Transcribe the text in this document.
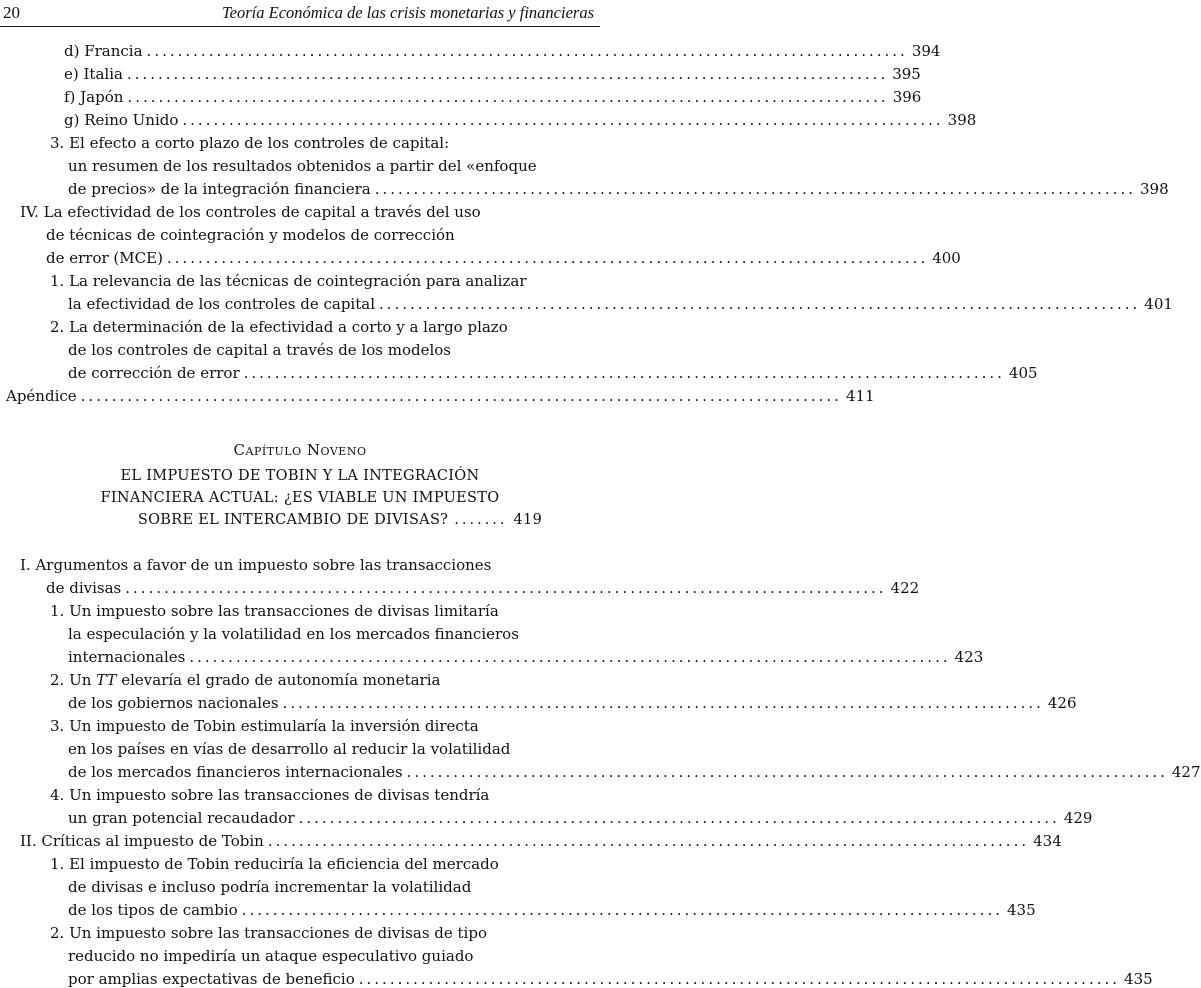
20	Teoría Económica de las crisis monetarias y financieras
d) Francia .................................................................................................. 394
e) Italia .................................................................................................. 395
f) Japón .................................................................................................. 396
g) Reino Unido .................................................................................................. 398
3. El efecto a corto plazo de los controles de capital:
un resumen de los resultados obtenidos a partir del «enfoque
de precios» de la integración financiera .................................................................................................. 398
IV. La efectividad de los controles de capital a través del uso
de técnicas de cointegración y modelos de corrección
de error (MCE) .................................................................................................. 400
1. La relevancia de las técnicas de cointegración para analizar
la efectividad de los controles de capital .................................................................................................. 401
2. La determinación de la efectividad a corto y a largo plazo
de los controles de capital a través de los modelos
de corrección de error .................................................................................................. 405
Apéndice .................................................................................................. 411
Capítulo Noveno
EL IMPUESTO DE TOBIN Y LA INTEGRACIÓN
FINANCIERA ACTUAL: ¿ES VIABLE UN IMPUESTO
SOBRE EL INTERCAMBIO DE DIVISAS? ....... 419
I. Argumentos a favor de un impuesto sobre las transacciones
de divisas .................................................................................................. 422
1. Un impuesto sobre las transacciones de divisas limitaría
la especulación y la volatilidad en los mercados financieros
internacionales .................................................................................................. 423
2. Un TT elevaría el grado de autonomía monetaria
de los gobiernos nacionales .................................................................................................. 426
3. Un impuesto de Tobin estimularía la inversión directa
en los países en vías de desarrollo al reducir la volatilidad
de los mercados financieros internacionales .................................................................................................. 427
4. Un impuesto sobre las transacciones de divisas tendría
un gran potencial recaudador .................................................................................................. 429
II. Críticas al impuesto de Tobin .................................................................................................. 434
1. El impuesto de Tobin reduciría la eficiencia del mercado
de divisas e incluso podría incrementar la volatilidad
de los tipos de cambio .................................................................................................. 435
2. Un impuesto sobre las transacciones de divisas de tipo
reducido no impediría un ataque especulativo guiado
por amplias expectativas de beneficio .................................................................................................. 435
